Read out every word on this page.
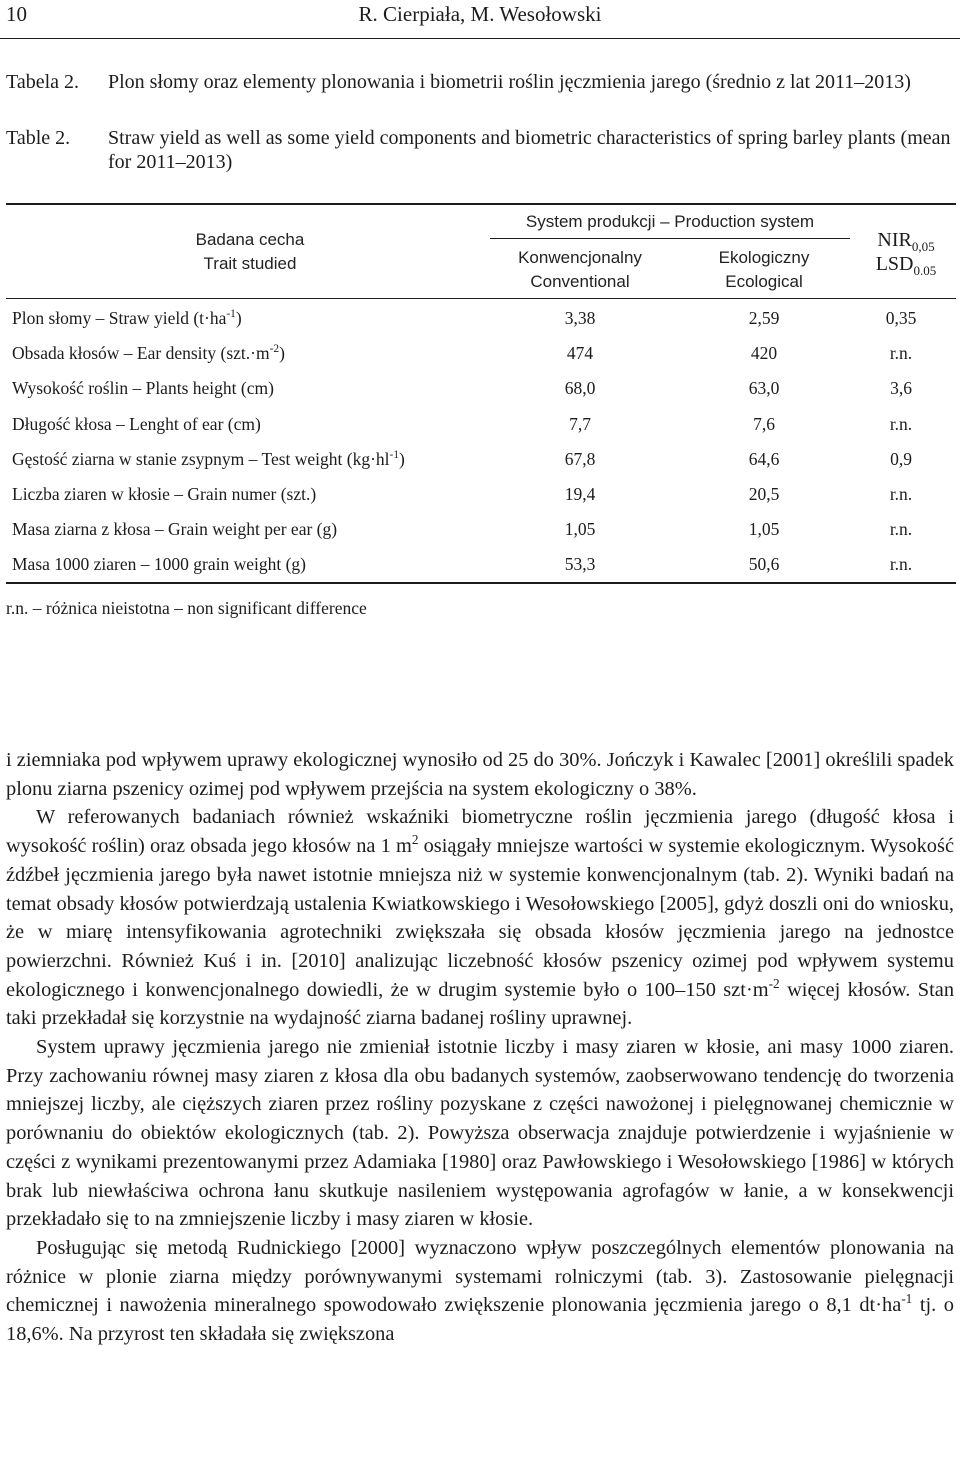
10	R. Cierpiała, M. Wesołowski
Tabela 2.
Table 2.
Plon słomy oraz elementy plonowania i biometrii roślin jęczmienia jarego (średnio z lat 2011–2013)
Straw yield as well as some yield components and biometric characteristics of spring barley plants (mean for 2011–2013)
Badana cecha
Trait studied
System produkcji – Production system
Konwencjonalny
Conventional
Ekologiczny
Ecological
$NIR_{0,05}$
$LSD_{0.05}$
Plon słomy – Straw yield $(t\cdot ha^{-1})$	3,38	2,59	0,35
Obsada kłosów – Ear density $(szt.\cdot m^{-2})$	474	420	r.n.
Wysokość roślin – Plants height (cm)	68,0	63,0	3,6
Długość kłosa – Lenght of ear (cm)	7,7	7,6	r.n.
Gęstość ziarna w stanie zsypnym – Test weight $(kg\cdot hl^{-1})$	67,8	64,6	0,9
Liczba ziaren w kłosie – Grain numer (szt.)	19,4	20,5	r.n.
Masa ziarna z kłosa – Grain weight per ear (g)	1,05	1,05	r.n.
Masa 1000 ziaren – 1000 grain weight (g)	53,3	50,6	r.n.
r.n. – różnica nieistotna – non significant difference

i ziemniaka pod wpływem uprawy ekologicznej wynosiło od 25 do 30%. Jończyk i Kawalec [2001] określili spadek plonu ziarna pszenicy ozimej pod wpływem przejścia na system ekologiczny o 38%.

W referowanych badaniach również wskaźniki biometryczne roślin jęczmienia jarego (długość kłosa i wysokość roślin) oraz obsada jego kłosów na 1 $m^2$ osiągały mniejsze wartości w systemie ekologicznym. Wysokość źdźbeł jęczmienia jarego była nawet istotnie mniejsza niż w systemie konwencjonalnym (tab. 2). Wyniki badań na temat obsady kłosów potwierdzają ustalenia Kwiatkowskiego i Wesołowskiego [2005], gdyż doszli oni do wniosku, że w miarę intensyfikowania agrotechniki zwiększała się obsada kłosów jęczmienia jarego na jednostce powierzchni. Również Kuś i in. [2010] analizując liczebność kłosów pszenicy ozimej pod wpływem systemu ekologicznego i konwencjonalnego dowiedli, że w drugim systemie było o 100–150 $szt\cdot m^{-2}$ więcej kłosów. Stan taki przekładał się korzystnie na wydajność ziarna badanej rośliny uprawnej.

System uprawy jęczmienia jarego nie zmieniał istotnie liczby i masy ziaren w kłosie, ani masy 1000 ziaren. Przy zachowaniu równej masy ziaren z kłosa dla obu badanych systemów, zaobserwowano tendencję do tworzenia mniejszej liczby, ale cięższych ziaren przez rośliny pozyskane z części nawożonej i pielęgnowanej chemicznie w porównaniu do obiektów ekologicznych (tab. 2). Powyższa obserwacja znajduje potwierdzenie i wyjaśnienie w części z wynikami prezentowanymi przez Adamiaka [1980] oraz Pawłowskiego i Wesołowskiego [1986] w których brak lub niewłaściwa ochrona łanu skutkuje nasileniem występowania agrofagów w łanie, a w konsekwencji przekładało się to na zmniejszenie liczby i masy ziaren w kłosie.

Posługując się metodą Rudnickiego [2000] wyznaczono wpływ poszczególnych elementów plonowania na różnice w plonie ziarna między porównywanymi systemami rolniczymi (tab. 3). Zastosowanie pielęgnacji chemicznej i nawożenia mineralnego spowodowało zwiększenie plonowania jęczmienia jarego o 8,1 $dt\cdot ha^{-1}$ tj. o 18,6%. Na przyrost ten składała się zwiększona
